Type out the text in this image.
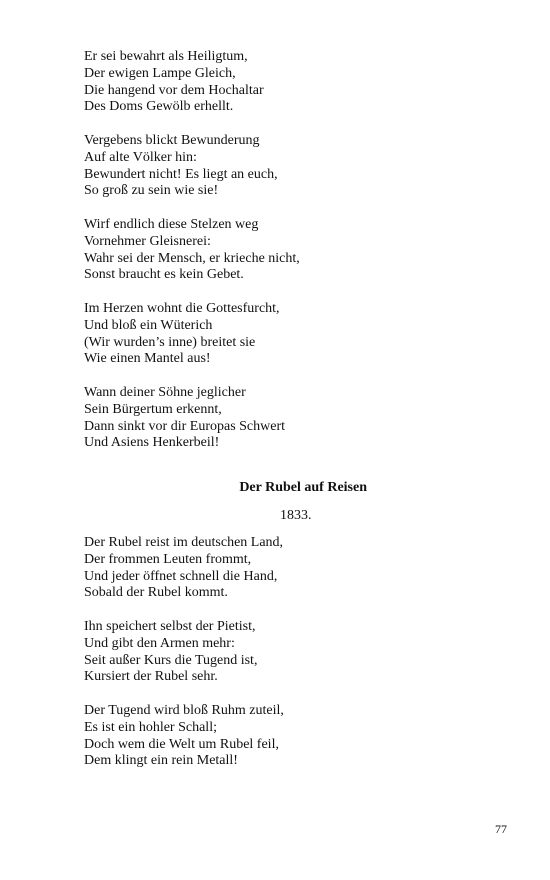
Er sei bewahrt als Heiligtum,
Der ewigen Lampe Gleich,
Die hangend vor dem Hochaltar
Des Doms Gewölb erhellt.
Vergebens blickt Bewunderung
Auf alte Völker hin:
Bewundert nicht! Es liegt an euch,
So groß zu sein wie sie!
Wirf endlich diese Stelzen weg
Vornehmer Gleisnerei:
Wahr sei der Mensch, er krieche nicht,
Sonst braucht es kein Gebet.
Im Herzen wohnt die Gottesfurcht,
Und bloß ein Wüterich
(Wir wurden’s inne) breitet sie
Wie einen Mantel aus!
Wann deiner Söhne jeglicher
Sein Bürgertum erkennt,
Dann sinkt vor dir Europas Schwert
Und Asiens Henkerbeil!
Der Rubel auf Reisen
1833.
Der Rubel reist im deutschen Land,
Der frommen Leuten frommt,
Und jeder öffnet schnell die Hand,
Sobald der Rubel kommt.
Ihn speichert selbst der Pietist,
Und gibt den Armen mehr:
Seit außer Kurs die Tugend ist,
Kursiert der Rubel sehr.
Der Tugend wird bloß Ruhm zuteil,
Es ist ein hohler Schall;
Doch wem die Welt um Rubel feil,
Dem klingt ein rein Metall!
77
